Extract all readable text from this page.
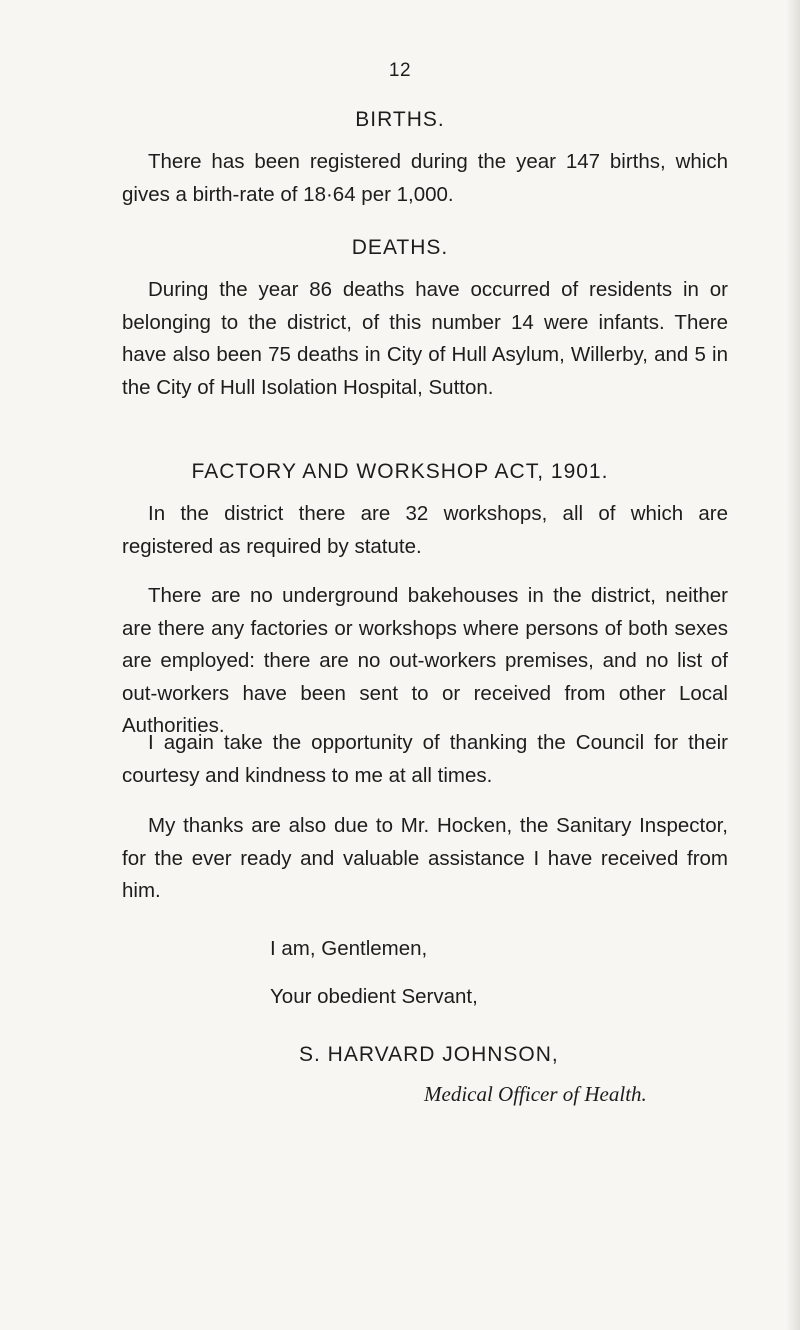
12
BIRTHS.

There has been registered during the year 147 births, which gives a birth-rate of 18·64 per 1,000.

DEATHS.

During the year 86 deaths have occurred of residents in or belonging to the district, of this number 14 were infants. There have also been 75 deaths in City of Hull Asylum, Willerby, and 5 in the City of Hull Isolation Hospital, Sutton.

FACTORY AND WORKSHOP ACT, 1901.

In the district there are 32 workshops, all of which are registered as required by statute.

There are no underground bakehouses in the district, neither are there any factories or workshops where persons of both sexes are employed: there are no out-workers premises, and no list of out-workers have been sent to or received from other Local Authorities.

I again take the opportunity of thanking the Council for their courtesy and kindness to me at all times.

My thanks are also due to Mr. Hocken, the Sanitary Inspector, for the ever ready and valuable assistance I have received from him.

I am, Gentlemen,
Your obedient Servant,
S. HARVARD JOHNSON,
Medical Officer of Health.
